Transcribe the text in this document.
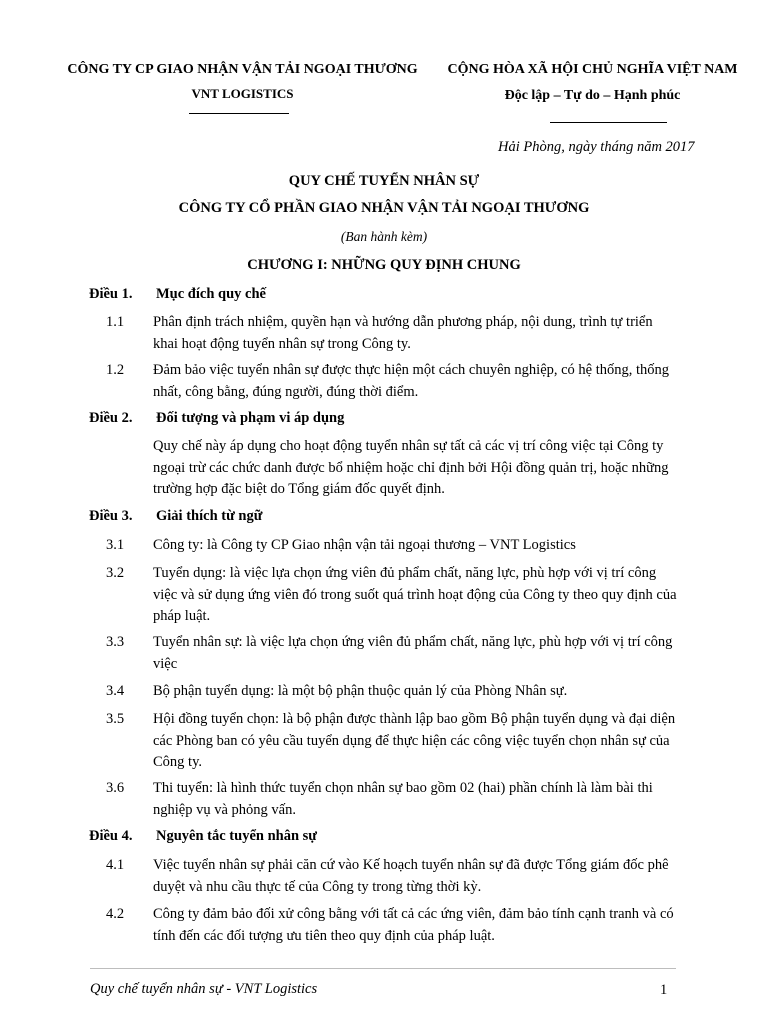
CÔNG TY CP GIAO NHẬN VẬN TẢI NGOẠI THƯƠNG
VNT LOGISTICS
CỘNG HÒA XÃ HỘI CHỦ NGHĨA VIỆT NAM
Độc lập – Tự do – Hạnh phúc
Hải Phòng, ngày tháng năm 2017
QUY CHẾ TUYỂN NHÂN SỰ
CÔNG TY CỔ PHẦN GIAO NHẬN VẬN TẢI NGOẠI THƯƠNG
(Ban hành kèm)
CHƯƠNG I: NHỮNG QUY ĐỊNH CHUNG
Điều 1. Mục đích quy chế
1.1	Phân định trách nhiệm, quyền hạn và hướng dẫn phương pháp, nội dung, trình tự triển khai hoạt động tuyển nhân sự trong Công ty.
1.2	Đảm bảo việc tuyển nhân sự được thực hiện một cách chuyên nghiệp, có hệ thống, thống nhất, công bằng, đúng người, đúng thời điểm.
Điều 2. Đối tượng và phạm vi áp dụng
Quy chế này áp dụng cho hoạt động tuyển nhân sự tất cả các vị trí công việc tại Công ty ngoại trừ các chức danh được bổ nhiệm hoặc chỉ định bởi Hội đồng quản trị, hoặc những trường hợp đặc biệt do Tổng giám đốc quyết định.
Điều 3. Giải thích từ ngữ
3.1	Công ty: là Công ty CP Giao nhận vận tải ngoại thương – VNT Logistics
3.2	Tuyển dụng: là việc lựa chọn ứng viên đủ phẩm chất, năng lực, phù hợp với vị trí công việc và sử dụng ứng viên đó trong suốt quá trình hoạt động của Công ty theo quy định của pháp luật.
3.3	Tuyển nhân sự: là việc lựa chọn ứng viên đủ phẩm chất, năng lực, phù hợp với vị trí công việc
3.4	Bộ phận tuyển dụng: là một bộ phận thuộc quản lý của Phòng Nhân sự.
3.5	Hội đồng tuyển chọn: là bộ phận được thành lập bao gồm Bộ phận tuyển dụng và đại diện các Phòng ban có yêu cầu tuyển dụng để thực hiện các công việc tuyển chọn nhân sự của Công ty.
3.6	Thi tuyển: là hình thức tuyển chọn nhân sự bao gồm 02 (hai) phần chính là làm bài thi nghiệp vụ và phỏng vấn.
Điều 4. Nguyên tắc tuyển nhân sự
4.1	Việc tuyển nhân sự phải căn cứ vào Kế hoạch tuyển nhân sự đã được Tổng giám đốc phê duyệt và nhu cầu thực tế của Công ty trong từng thời kỳ.
4.2	Công ty đảm bảo đối xử công bằng với tất cả các ứng viên, đảm bảo tính cạnh tranh và có tính đến các đối tượng ưu tiên theo quy định của pháp luật.
Quy chế tuyển nhân sự - VNT Logistics	1
